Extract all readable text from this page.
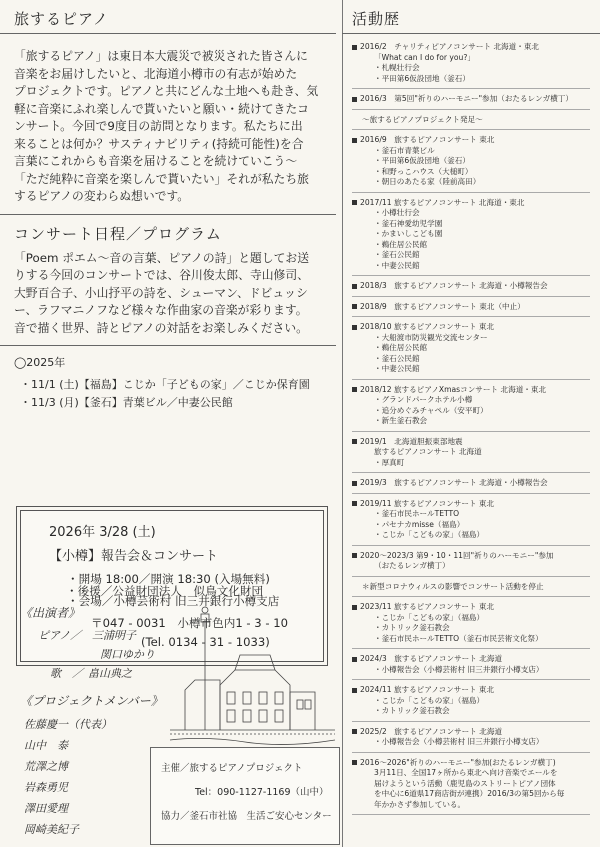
旅するピアノ

「旅するピアノ」は東日本大震災で被災された皆さんに
音楽をお届けしたいと、北海道小樽市の有志が始めた
プロジェクトです。ピアノと共にどんな土地へも赴き、気
軽に音楽にふれ楽しんで貰いたいと願い・続けてきたコ
ンサート。今回で9度目の訪問となります。私たちに出
来ることは何か？サスティナビリティ(持続可能性)を合
言葉にこれからも音楽を届けることを続けていこう〜
「ただ純粋に音楽を楽しんで貰いたい」それが私たち旅
するピアノの変わらぬ想いです。

コンサート日程／プログラム

「Poem ポエム〜音の言葉、ピアノの詩」と題してお送
りする今回のコンサートでは、谷川俊太郎、寺山修司、
大野百合子、小山抒平の詩を、シューマン、ドビュッシ
ー、ラフマニノフなど様々な作曲家の音楽が彩ります。
音で描く世界、詩とピアノの対話をお楽しみください。

◯2025年
・11/1 (土)【福島】こじか「子どもの家」／こじか保育園
・11/3 (月)【釜石】青葉ビル／中妻公民館
2026年 3/28 (土)
【小樽】報告会＆コンサート
・開場 18:00／開演 18:30 (入場無料)
・会場／小樽芸術村 旧三井銀行小樽支店
〒047 - 0031　小樽市色内1 - 3 - 10
(Tel. 0134 - 31 - 1033)
・後援／公益財団法人　似鳥文化財団
《出演者》
ピアノ／ 三浦明子
関口ゆかり
歌　／ 畠山典之
《プロジェクトメンバー》
佐藤慶一（代表）
山中　泰
荒澤之博
岩森勇児
澤田愛理
岡崎美紀子
主催／旅するピアノプロジェクト
Tel：090-1127-1169（山中）
協力／釜石市社協　生活ご安心センター
活動歴
2016/2　チャリティピアノコンサート 北海道・東北
「What can I do for you?」
・札幌壮行会
・平田第6仮設団地（釜石）
2016/3　第5回"祈りのハーモニー"参加（おたるレンガ横丁）
〜旅するピアノプロジェクト発足〜
2016/9　旅するピアノコンサート 東北
・釜石市青葉ビル
・平田第6仮設団地（釜石）
・和野っこハウス（大槌町）
・朝日のあたる家（陸前高田）
2017/11 旅するピアノコンサート 北海道・東北
・小樽壮行会
・釜石神愛幼児学園
・かまいしこども園
・鵜住居公民館
・釜石公民館
・中妻公民館
2018/3　旅するピアノコンサート 北海道・小樽報告会
2018/9　旅するピアノコンサート 東北（中止）
2018/10 旅するピアノコンサート 東北
・大船渡市防災観光交流センター
・鵜住居公民館
・釜石公民館
・中妻公民館
2018/12 旅するピアノXmasコンサート 北海道・東北
・グランドパークホテル小樽
・追分めぐみチャペル（安平町）
・新生釜石教会
2019/1　北海道胆振東部地震
旅するピアノコンサート 北海道
・厚真町
2019/3　旅するピアノコンサート 北海道・小樽報告会
2019/11 旅するピアノコンサート 東北
・釜石市民ホールTETTO
・パセナカmisse（福島）
・こじか「こどもの家」（福島）
2020〜2023/3 第9・10・11回"祈りのハーモニー"参加
（おたるレンガ横丁）
＊新型コロナウィルスの影響でコンサート活動を停止
2023/11 旅するピアノコンサート 東北
・こじか「こどもの家」（福島）
・カトリック釜石教会
・釜石市民ホールTETTO（釜石市民芸術文化祭）
2024/3　旅するピアノコンサート 北海道
・小樽報告会（小樽芸術村 旧三井銀行小樽支店）
2024/11 旅するピアノコンサート 東北
・こじか「こどもの家」（福島）
・カトリック釜石教会
2025/2　旅するピアノコンサート 北海道
・小樽報告会（小樽芸術村 旧三井銀行小樽支店）
2016〜2026"祈りのハーモニー"参加(おたるレンガ横丁)
3月11日、全国17ヶ所から東北へ向け音楽でエールを
届けようという活動（鹿児島のストリートピアノ団体
を中心に6道県17商店街が連携）2016/3の第5回から毎
年かかさず参加している。
